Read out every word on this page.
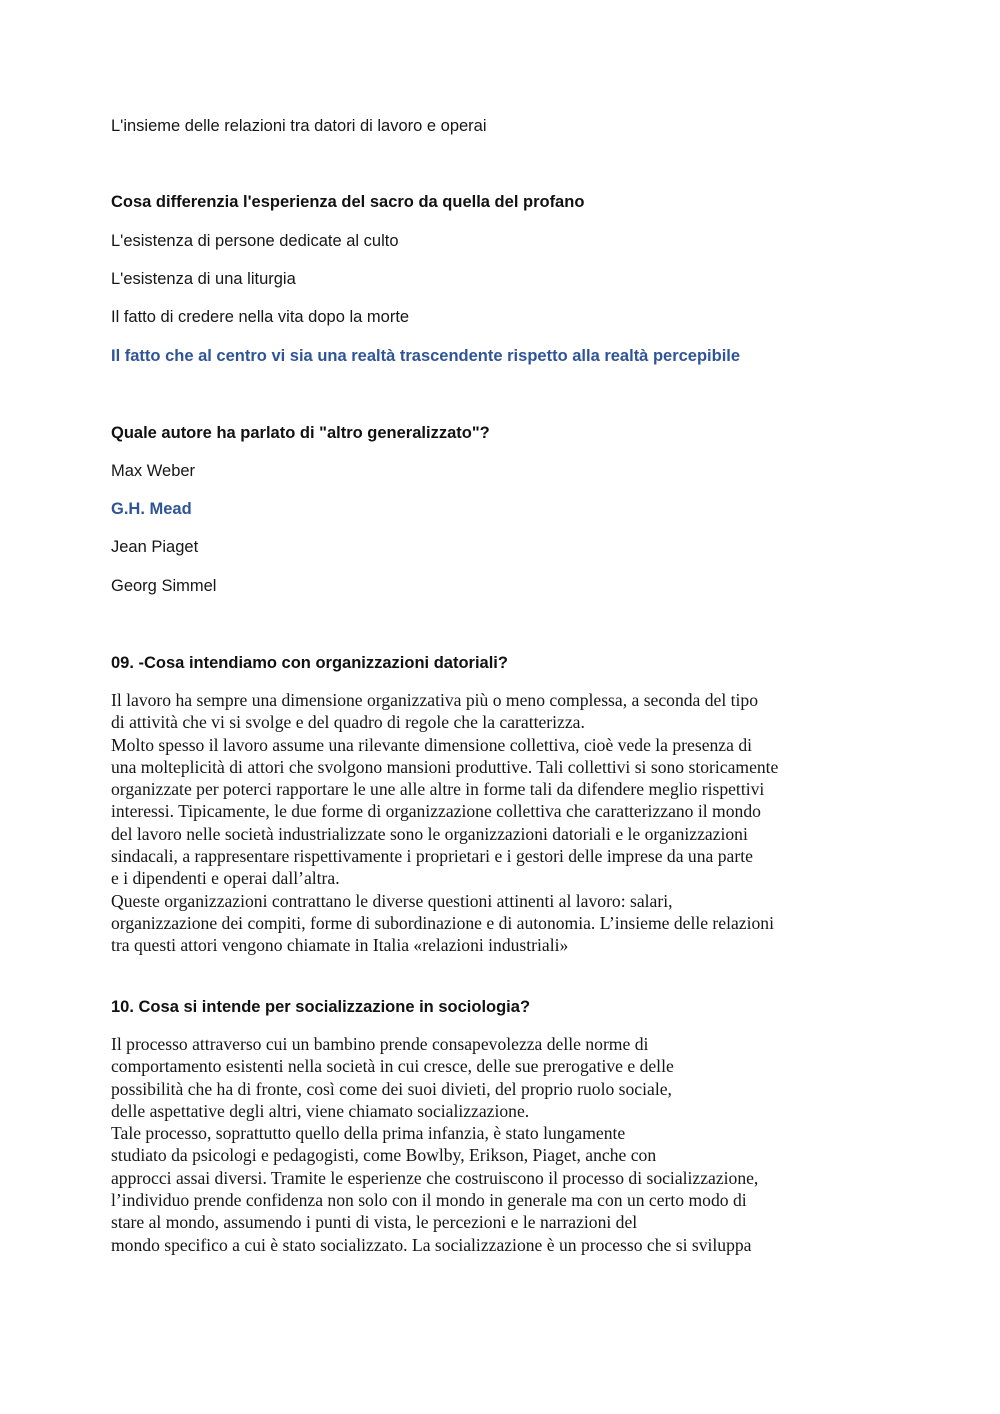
L'insieme delle relazioni tra datori di lavoro e operai
Cosa differenzia l'esperienza del sacro da quella del profano
L'esistenza di persone dedicate al culto
L'esistenza di una liturgia
Il fatto di credere nella vita dopo la morte
Il fatto che al centro vi sia una realtà trascendente rispetto alla realtà percepibile
Quale autore ha parlato di "altro generalizzato"?
Max Weber
G.H. Mead
Jean Piaget
Georg Simmel
09. -Cosa intendiamo con organizzazioni datoriali?
Il lavoro ha sempre una dimensione organizzativa più o meno complessa, a seconda del tipo
di attività che vi si svolge e del quadro di regole che la caratterizza.
Molto spesso il lavoro assume una rilevante dimensione collettiva, cioè vede la presenza di
una molteplicità di attori che svolgono mansioni produttive. Tali collettivi si sono storicamente
organizzate per poterci rapportare le une alle altre in forme tali da difendere meglio rispettivi
interessi. Tipicamente, le due forme di organizzazione collettiva che caratterizzano il mondo
del lavoro nelle società industrializzate sono le organizzazioni datoriali e le organizzazioni
sindacali, a rappresentare rispettivamente i proprietari e i gestori delle imprese da una parte
e i dipendenti e operai dall’altra.
Queste organizzazioni contrattano le diverse questioni attinenti al lavoro: salari,
organizzazione dei compiti, forme di subordinazione e di autonomia. L’insieme delle relazioni
tra questi attori vengono chiamate in Italia «relazioni industriali»
10. Cosa si intende per socializzazione in sociologia?
Il processo attraverso cui un bambino prende consapevolezza delle norme di
comportamento esistenti nella società in cui cresce, delle sue prerogative e delle
possibilità che ha di fronte, così come dei suoi divieti, del proprio ruolo sociale,
delle aspettative degli altri, viene chiamato socializzazione.
Tale processo, soprattutto quello della prima infanzia, è stato lungamente
studiato da psicologi e pedagogisti, come Bowlby, Erikson, Piaget, anche con
approcci assai diversi. Tramite le esperienze che costruiscono il processo di socializzazione,
l’individuo prende confidenza non solo con il mondo in generale ma con un certo modo di
stare al mondo, assumendo i punti di vista, le percezioni e le narrazioni del
mondo specifico a cui è stato socializzato. La socializzazione è un processo che si sviluppa
